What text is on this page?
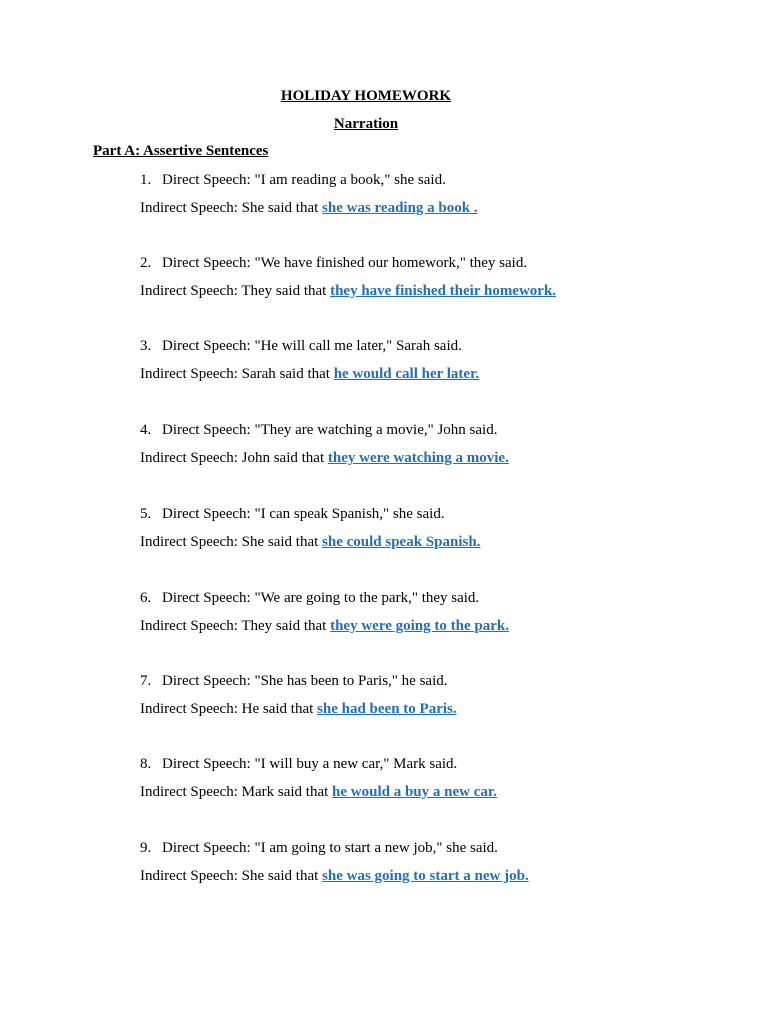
HOLIDAY HOMEWORK
Narration
Part A: Assertive Sentences
1. Direct Speech: "I am reading a book," she said.
Indirect Speech: She said that she was reading a book .
2. Direct Speech: "We have finished our homework," they said.
Indirect Speech: They said that they have finished their homework.
3. Direct Speech: "He will call me later," Sarah said.
Indirect Speech: Sarah said that he would call her later.
4. Direct Speech: "They are watching a movie," John said.
Indirect Speech: John said that they were watching a movie.
5. Direct Speech: "I can speak Spanish," she said.
Indirect Speech: She said that she could speak Spanish.
6. Direct Speech: "We are going to the park," they said.
Indirect Speech: They said that they were going to the park.
7. Direct Speech: "She has been to Paris," he said.
Indirect Speech: He said that she had been to Paris.
8. Direct Speech: "I will buy a new car," Mark said.
Indirect Speech: Mark said that he would a buy a new car.
9. Direct Speech: "I am going to start a new job," she said.
Indirect Speech: She said that she was going to start a new job.
